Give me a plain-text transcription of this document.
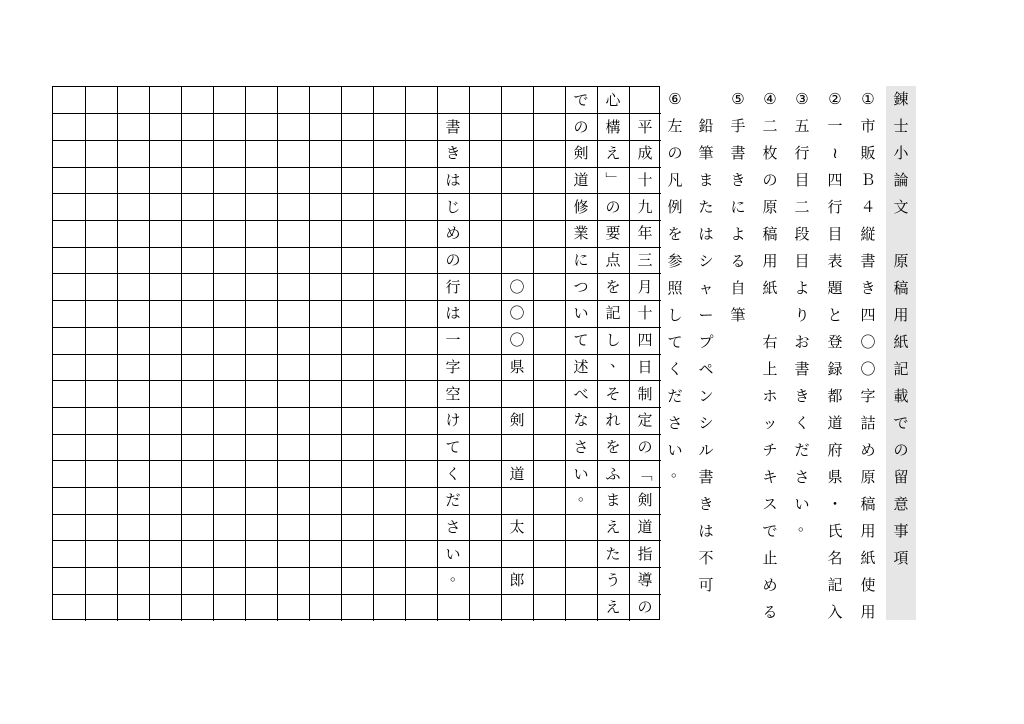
平
成
十
九
年
三
月
十
四
日
制
定
の
﹁
剣
道
指
導
の
心
構
え
﹂
の
要
点
を
記
し
、
そ
れ
を
ふ
ま
え
た
う
え
で
の
剣
道
修
業
に
つ
い
て
述
べ
な
さ
い
。
〇
〇
〇
県
剣
道
太
郎
書
き
は
じ
め
の
行
は
一
字
空
け
て
く
だ
さ
い
。
錬
士
小
論
文
原
稿
用
紙
記
載
で
の
留
意
事
項
①
市
販
Ｂ
４
縦
書
き
四
〇
〇
字
詰
め
原
稿
用
紙
使
用
②
一
≀
四
行
目
表
題
と
登
録
都
道
府
県
・
氏
名
記
入
③
五
行
目
二
段
目
よ
り
お
書
き
く
だ
さ
い
。
④
二
枚
の
原
稿
用
紙
右
上
ホ
ッ
チ
キ
ス
で
止
め
る
⑤
手
書
き
に
よ
る
自
筆
鉛
筆
ま
た
は
シ
ャ
ー
プ
ペ
ン
シ
ル
書
き
は
不
可
⑥
左
の
凡
例
を
参
照
し
て
く
だ
さ
い
。
